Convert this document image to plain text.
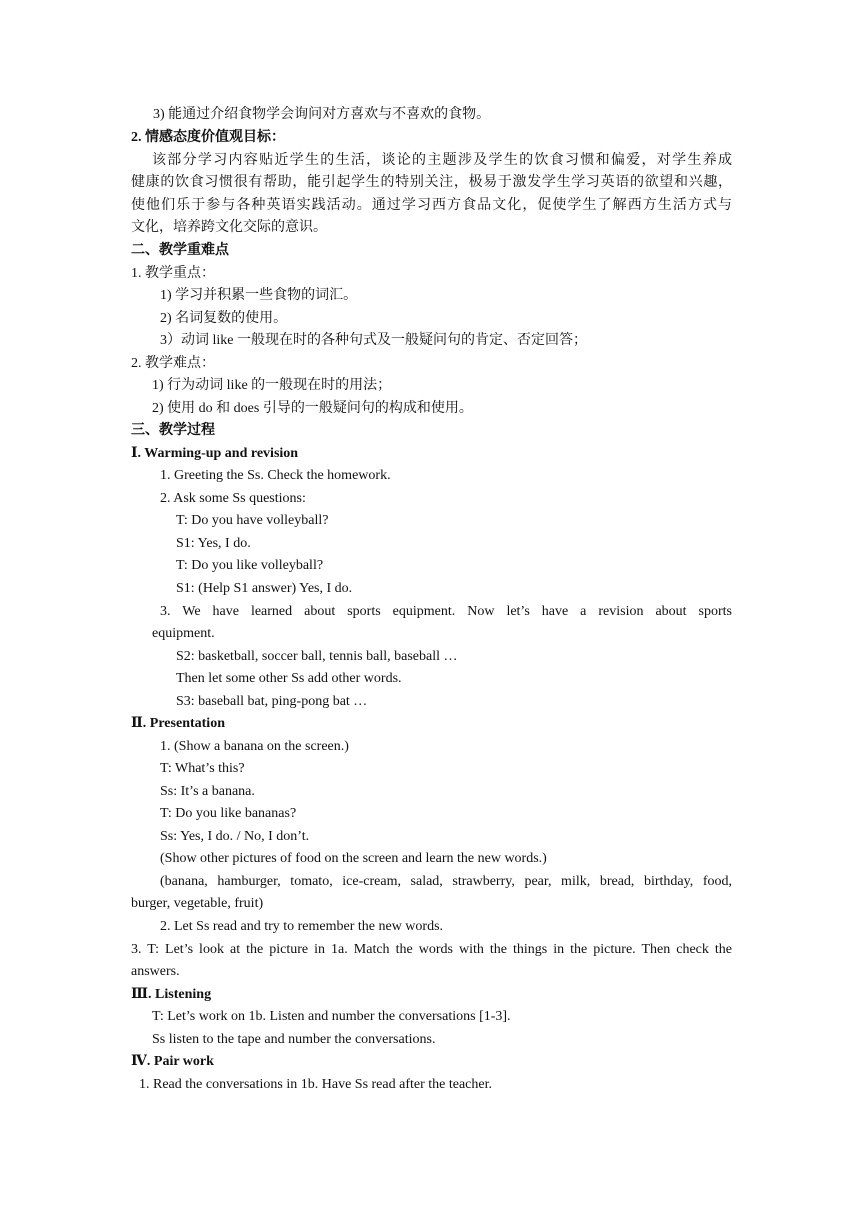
3) 能通过介绍食物学会询问对方喜欢与不喜欢的食物。
2. 情感态度价值观目标：
该部分学习内容贴近学生的生活，谈论的主题涉及学生的饮食习惯和偏爱，对学生养成
健康的饮食习惯很有帮助，能引起学生的特别关注，极易于激发学生学习英语的欲望和兴趣，
使他们乐于参与各种英语实践活动。通过学习西方食品文化，促使学生了解西方生活方式与
文化，培养跨文化交际的意识。
二、教学重难点
1. 教学重点：
1) 学习并积累一些食物的词汇。
2) 名词复数的使用。
3）动词 like 一般现在时的各种句式及一般疑问句的肯定、否定回答；
2. 教学难点：
1) 行为动词 like 的一般现在时的用法；
2) 使用 do 和 does 引导的一般疑问句的构成和使用。
三、教学过程
Ⅰ. Warming-up and revision
1. Greeting the Ss. Check the homework.
2. Ask some Ss questions:
T: Do you have volleyball?
S1: Yes, I do.
T: Do you like volleyball?
S1: (Help S1 answer) Yes, I do.
3. We have learned about sports equipment. Now let’s have a revision about sports
equipment.
S2: basketball, soccer ball, tennis ball, baseball …
Then let some other Ss add other words.
S3: baseball bat, ping-pong bat …
Ⅱ. Presentation
1. (Show a banana on the screen.)
T: What’s this?
Ss: It’s a banana.
T: Do you like bananas?
Ss: Yes, I do. / No, I don’t.
(Show other pictures of food on the screen and learn the new words.)
(banana, hamburger, tomato, ice-cream, salad, strawberry, pear, milk, bread, birthday, food,
burger, vegetable, fruit)
2. Let Ss read and try to remember the new words.
3. T: Let’s look at the picture in 1a. Match the words with the things in the picture. Then check the
answers.
Ⅲ. Listening
T: Let’s work on 1b. Listen and number the conversations [1-3].
Ss listen to the tape and number the conversations.
Ⅳ. Pair work
1. Read the conversations in 1b. Have Ss read after the teacher.
